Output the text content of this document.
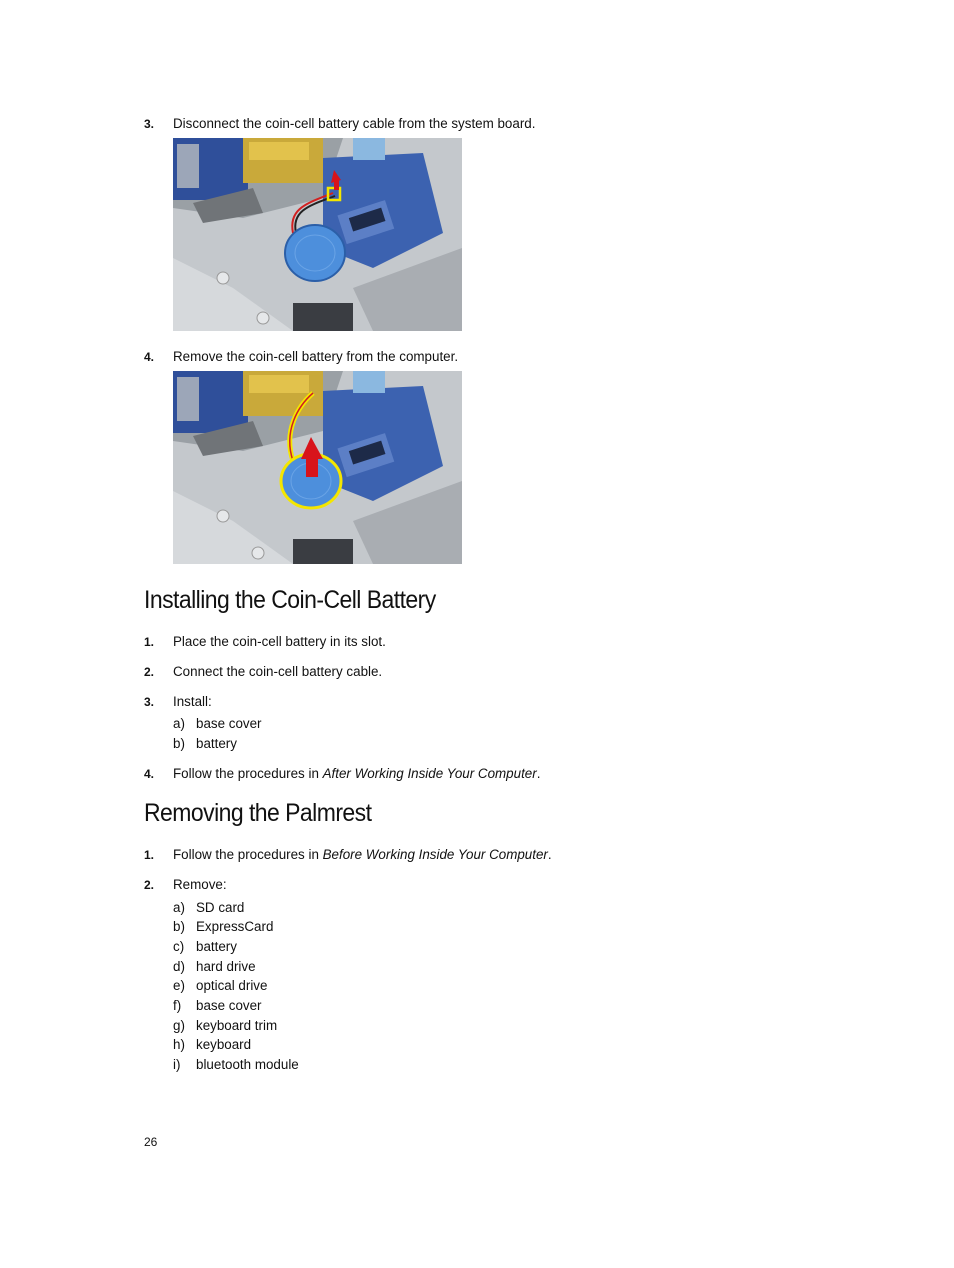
3. Disconnect the coin-cell battery cable from the system board.
4. Remove the coin-cell battery from the computer.
Installing the Coin-Cell Battery
1. Place the coin-cell battery in its slot.
2. Connect the coin-cell battery cable.
3. Install:
a) base cover
b) battery
4. Follow the procedures in After Working Inside Your Computer.
Removing the Palmrest
1. Follow the procedures in Before Working Inside Your Computer.
2. Remove:
a) SD card
b) ExpressCard
c) battery
d) hard drive
e) optical drive
f) base cover
g) keyboard trim
h) keyboard
i) bluetooth module
26
